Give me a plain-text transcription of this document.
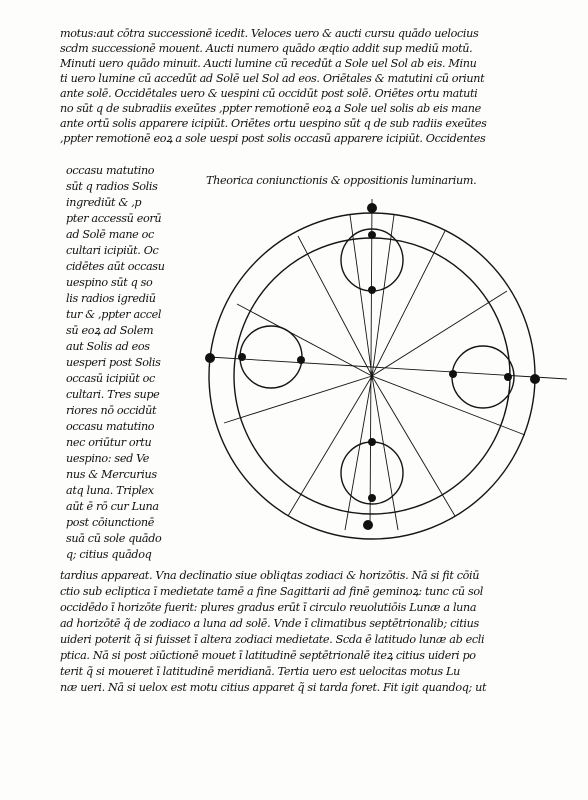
motus:aut cōtra successionē icedit. Veloces uero & aucti cursu quādo uelocius
scdm successionē mouent. Aucti numero quādo æqtio addit sup mediū motū.
Minuti uero quādo minuit. Aucti lumine cū recedūt a Sole uel Sol ab eis. Minu
ti uero lumine cū accedūt ad Solē uel Sol ad eos. Oriētales & matutini cū oriunt
ante solē. Occidētales uero & uespini cū occidūt post solē. Oriētes ortu matuti
no sūt q de subradiis exeūtes ,ppter remotionē eoꝝ a Sole uel solis ab eis mane
ante ortū solis apparere icipiūt. Oriētes ortu uespino sūt q de sub radiis exeūtes
,ppter remotionē eoꝝ a sole uespi post solis occasū apparere icipiūt. Occidentes
Theorica coniunctionis & oppositionis luminarium.
occasu matutino
sūt q radios Solis
ingrediūt & ,p
pter accessū eorū
ad Solē mane oc
cultari icipiūt. Oc
cidētes aūt occasu
uespino sūt q so
lis radios igrediū
tur & ,ppter accel
sū eoꝝ ad Solem
aut Solis ad eos
uesperi post Solis
occasū icipiūt oc
cultari. Tres supe
riores nō occidūt
occasu matutino
nec oriūtur ortu
uespino: sed Ve
nus & Mercurius
atq luna. Triplex
aūt ē rō cur Luna
post cōiunctionē
suā cū sole quādo
q; citius quādoq
tardius appareat. Vna declinatio siue obliqtas zodiaci & horizōtis. Nā si fit cōiū
ctio sub ecliptica ī medietate tamē a fine Sagittarii ad finē geminoꝝ: tunc cū sol
occidēdo ī horizōte fuerit: plures gradus erūt ī circulo reuolutiōis Lunæ a luna
ad horizōtē q̃ de zodiaco a luna ad solē. Vnde ī climatibus septētrionalib; citius
uideri poterit q̃ si fuisset ī altera zodiaci medietate. Scda ē latitudo lunæ ab ecli
ptica. Nā si post ɔiūctionē mouet ī latitudinē septētrionalē iteꝝ citius uideri po
terit q̃ si moueret ī latitudinē meridianā. Tertia uero est uelocitas motus Lu
næ ueri. Nā si uelox est motu citius apparet q̃ si tarda foret. Fit igit quandoq; ut
